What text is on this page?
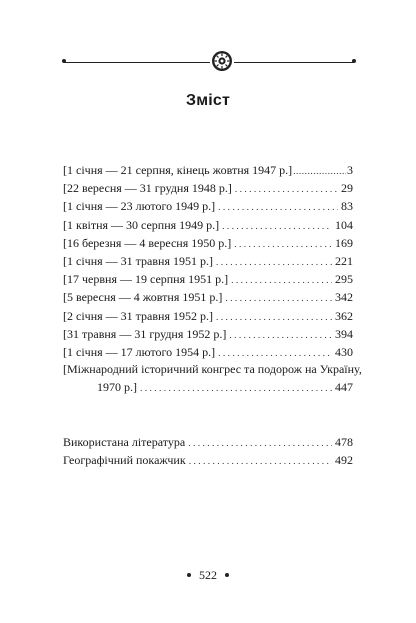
Зміст
[1 січня — 21 серпня, кінець жовтня 1947 р.] .....	3
[22 вересня — 31 грудня 1948 р.] . . .	29
[1 січня — 23 лютого 1949 р.] . . .	83
[1 квітня — 30 серпня 1949 р.] . . .	104
[16 березня — 4 вересня 1950 р.] . . .	169
[1 січня — 31 травня 1951 р.] . . .	221
[17 червня — 19 серпня 1951 р.] . . .	295
[5 вересня — 4 жовтня 1951 р.] . . .	342
[2 січня — 31 травня 1952 р.] . . .	362
[31 травня — 31 грудня 1952 р.] . . .	394
[1 січня — 17 лютого 1954 р.] . . .	430
[Міжнародний історичний конгрес та подорож на Україну,
1970 р.] . . .	447
Використана література . . .	478
Географічний покажчик . . .	492
522
